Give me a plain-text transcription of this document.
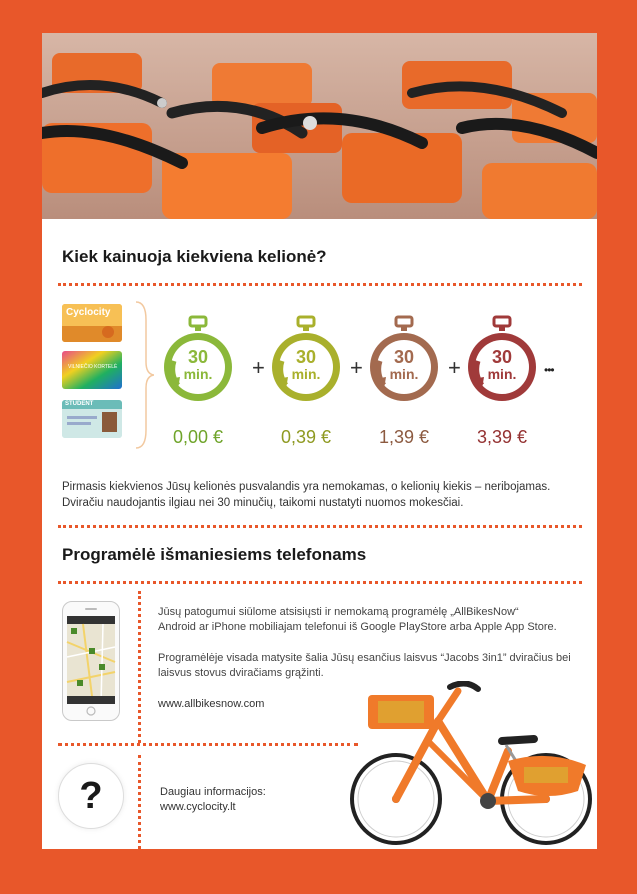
Kiek kainuoja kiekviena kelionė?
Cyclocity
VILNIEČIO KORTELĖ
STUDENT
30
min.	+	30
min.	+	30
min.	+	30
min.	•••
0,00 €	0,39 €	1,39 €	3,39 €

Pirmasis kiekvienos Jūsų kelionės pusvalandis yra nemokamas, o kelionių kiekis – neribojamas.
Dviračiu naudojantis ilgiau nei 30 minučių, taikomi nustatyti nuomos mokesčiai.

Programėlė išmaniesiems telefonams

Jūsų patogumui siūlome atsisiųsti ir nemokamą programėlę „AllBikesNow“
Android ar iPhone mobiliajam telefonui iš Google PlayStore arba Apple App Store.

Programėlėje visada matysite šalia Jūsų esančius laisvus “Jacobs 3in1” dviračius bei
laisvus stovus dviračiams grąžinti.

www.allbikesnow.com
?	Daugiau informacijos:
www.cyclocity.lt
